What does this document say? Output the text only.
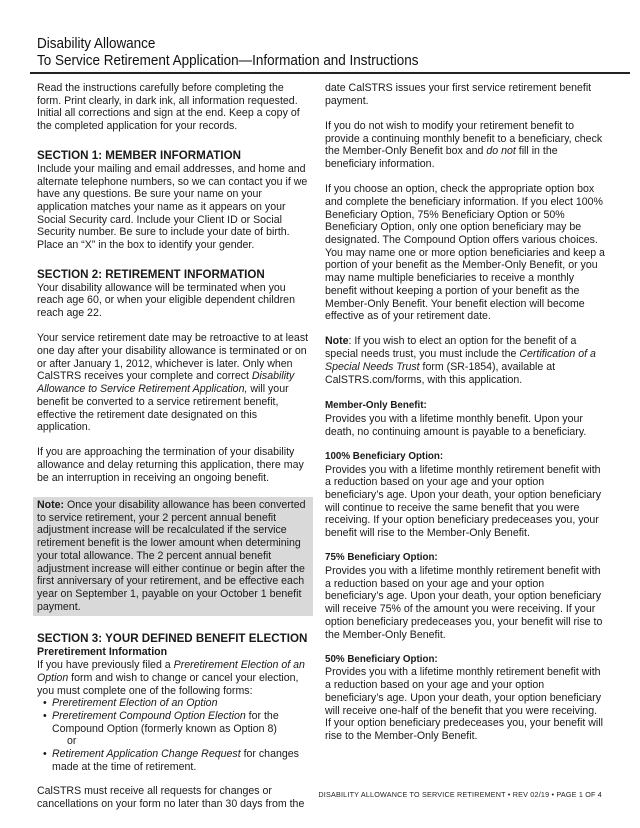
Disability Allowance
To Service Retirement Application—Information and Instructions

Read the instructions carefully before completing the form. Print clearly, in dark ink, all information requested. Initial all corrections and sign at the end. Keep a copy of the completed application for your records.

SECTION 1: MEMBER INFORMATION

Include your mailing and email addresses, and home and alternate telephone numbers, so we can contact you if we have any questions. Be sure your name on your application matches your name as it appears on your Social Security card. Include your Client ID or Social Security number. Be sure to include your date of birth. Place an “X” in the box to identify your gender.

SECTION 2: RETIREMENT INFORMATION

Your disability allowance will be terminated when you reach age 60, or when your eligible dependent children reach age 22.

Your service retirement date may be retroactive to at least one day after your disability allowance is terminated or on or after January 1, 2012, whichever is later. Only when CalSTRS receives your complete and correct Disability Allowance to Service Retirement Application, will your benefit be converted to a service retirement benefit, effective the retirement date designated on this application.

If you are approaching the termination of your disability allowance and delay returning this application, there may be an interruption in receiving an ongoing benefit.

Note: Once your disability allowance has been converted to service retirement, your 2 percent annual benefit adjustment increase will be recalculated if the service retirement benefit is the lower amount when determining your total allowance. The 2 percent annual benefit adjustment increase will either continue or begin after the first anniversary of your retirement, and be effective each year on September 1, payable on your October 1 benefit payment.

SECTION 3: YOUR DEFINED BENEFIT ELECTION
Preretirement Information

If you have previously filed a Preretirement Election of an Option form and wish to change or cancel your election, you must complete one of the following forms:

• Preretirement Election of an Option
• Preretirement Compound Option Election for the Compound Option (formerly known as Option 8)
or
• Retirement Application Change Request for changes made at the time of retirement.

CalSTRS must receive all requests for changes or cancellations on your form no later than 30 days from the

date CalSTRS issues your first service retirement benefit payment.

If you do not wish to modify your retirement benefit to provide a continuing monthly benefit to a beneficiary, check the Member-Only Benefit box and do not fill in the beneficiary information.

If you choose an option, check the appropriate option box and complete the beneficiary information. If you elect 100% Beneficiary Option, 75% Beneficiary Option or 50% Beneficiary Option, only one option beneficiary may be designated. The Compound Option offers various choices. You may name one or more option beneficiaries and keep a portion of your benefit as the Member-Only Benefit, or you may name multiple beneficiaries to receive a monthly benefit without keeping a portion of your benefit as the Member-Only Benefit. Your benefit election will become effective as of your retirement date.

Note: If you wish to elect an option for the benefit of a special needs trust, you must include the Certification of a Special Needs Trust form (SR-1854), available at CalSTRS.com/forms, with this application.

Member-Only Benefit:

Provides you with a lifetime monthly benefit. Upon your death, no continuing amount is payable to a beneficiary.

100% Beneficiary Option:

Provides you with a lifetime monthly retirement benefit with a reduction based on your age and your option beneficiary’s age. Upon your death, your option beneficiary will continue to receive the same benefit that you were receiving. If your option beneficiary predeceases you, your benefit will rise to the Member-Only Benefit.

75% Beneficiary Option:

Provides you with a lifetime monthly retirement benefit with a reduction based on your age and your option beneficiary’s age. Upon your death, your option beneficiary will receive 75% of the amount you were receiving. If your option beneficiary predeceases you, your benefit will rise to the Member-Only Benefit.

50% Beneficiary Option:

Provides you with a lifetime monthly retirement benefit with a reduction based on your age and your option beneficiary’s age. Upon your death, your option beneficiary will receive one-half of the benefit that you were receiving. If your option beneficiary predeceases you, your benefit will rise to the Member-Only Benefit.

DISABILITY ALLOWANCE TO SERVICE RETIREMENT • REV 02/19 • PAGE 1 OF 4
